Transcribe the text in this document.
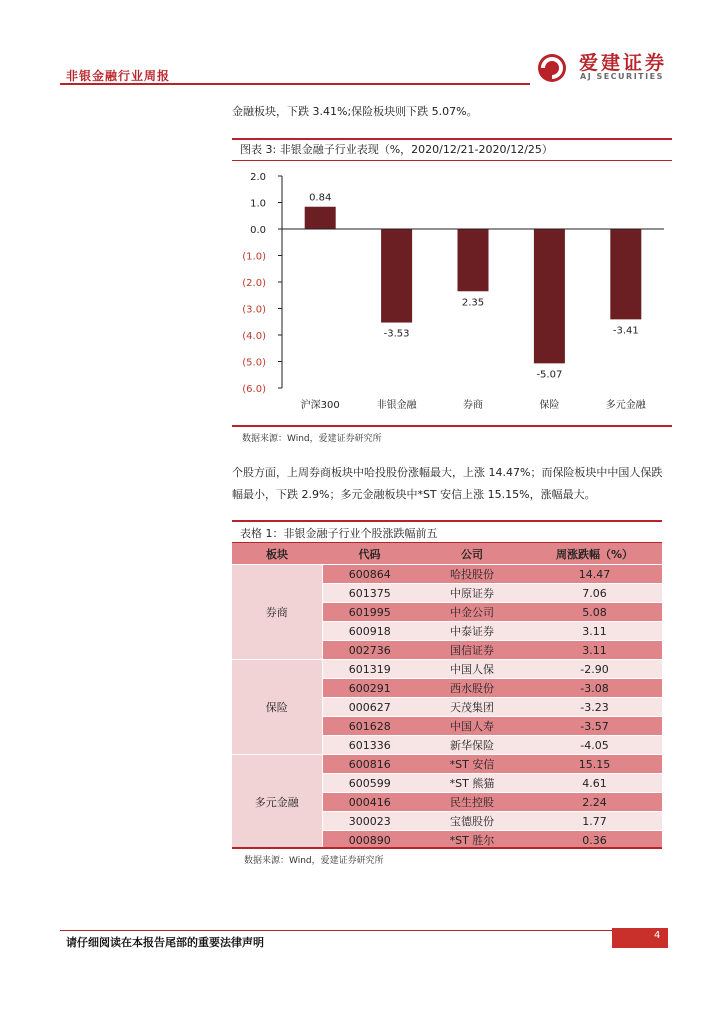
非银金融行业周报
爱建证券
AJ SECURITIES
金融板块，下跌 3.41%;保险板块则下跌 5.07%。
图表 3: 非银金融子行业表现（%，2020/12/21-2020/12/25）
2.0
1.0
0.0
(1.0)
(2.0)
(3.0)
(4.0)
(5.0)
(6.0)
0.84
-3.53
2.35
-5.07
-3.41
沪深300	非银金融	券商	保险	多元金融
数据来源：Wind，爱建证券研究所
个股方面，上周券商板块中哈投股份涨幅最大，上涨 14.47%；而保险板块中中国人保跌幅最小，下跌 2.9%；多元金融板块中*ST 安信上涨 15.15%，涨幅最大。
表格 1：非银金融子行业个股涨跌幅前五
板块	代码	公司	周涨跌幅（%）
券商	600864	哈投股份	14.47
	601375	中原证券	7.06
	601995	中金公司	5.08
	600918	中泰证券	3.11
	002736	国信证券	3.11
保险	601319	中国人保	-2.90
	600291	西水股份	-3.08
	000627	天茂集团	-3.23
	601628	中国人寿	-3.57
	601336	新华保险	-4.05
多元金融	600816	*ST 安信	15.15
	600599	*ST 熊猫	4.61
	000416	民生控股	2.24
	300023	宝德股份	1.77
	000890	*ST 胜尔	0.36
数据来源：Wind，爱建证券研究所
请仔细阅读在本报告尾部的重要法律声明
4
